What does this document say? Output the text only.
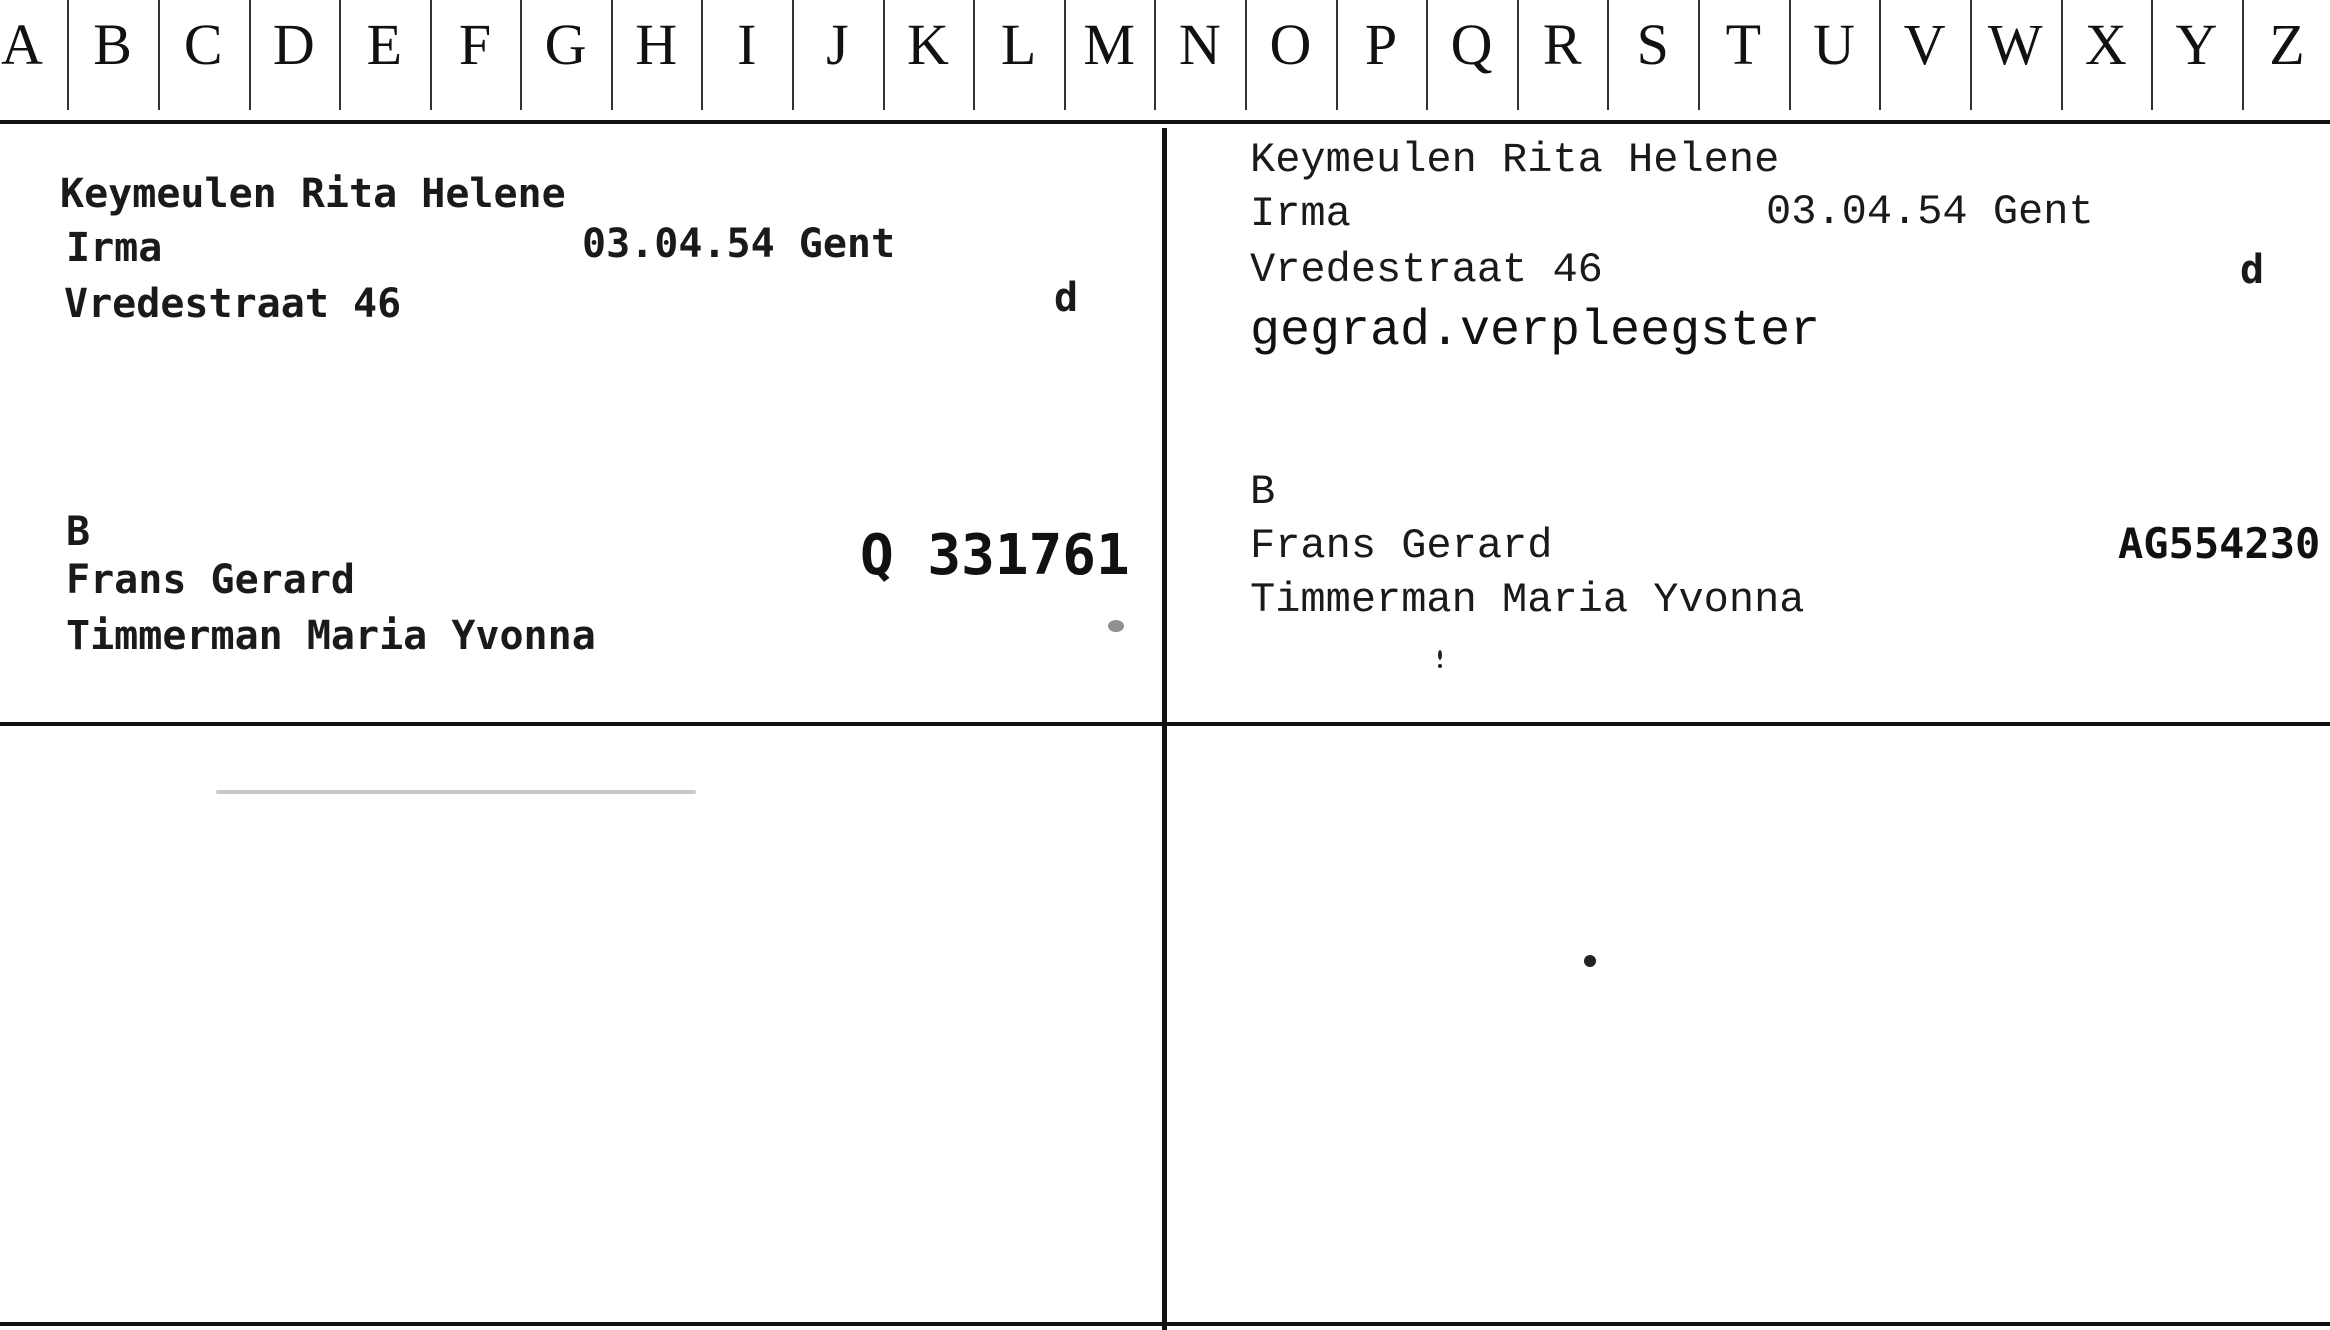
A B C D E F G H	I	J	K L M N O P Q R S T U V W X Y Z
Keymeulen Rita Helene
Irma	03.04.54 Gent
Vredestraat 46	d
B
Frans Gerard
Timmerman Maria Yvonna
Q 331761
Keymeulen Rita Helene
Irma	03.04.54 Gent
Vredestraat 46	d
gegrad.verpleegster
B
Frans Gerard
Timmerman Maria Yvonna
AG554230
